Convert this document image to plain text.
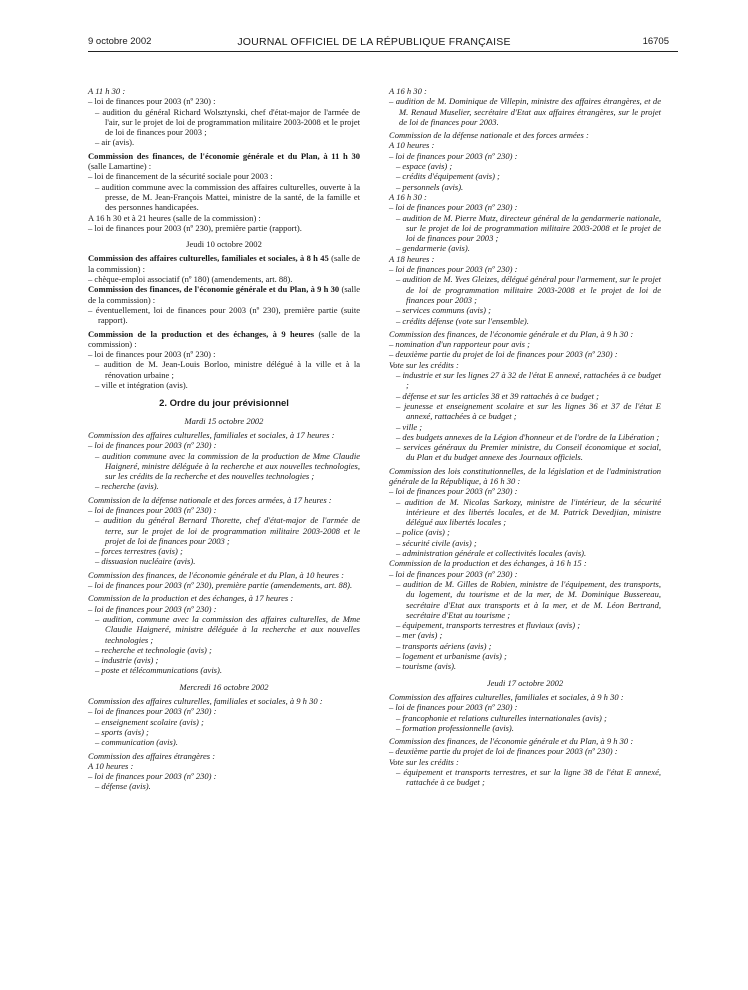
9 octobre 2002	JOURNAL OFFICIEL DE LA RÉPUBLIQUE FRANÇAISE	16705

A 11 h 30 :

– loi de finances pour 2003 (nº 230) :

– audition du général Richard Wolsztynski, chef d'état-major de l'armée de l'air, sur le projet de loi de programmation militaire 2003-2008 et le projet de loi de finances pour 2003 ;

– air (avis).

Commission des finances, de l'économie générale et du Plan, à 11 h 30 (salle Lamartine) :

– loi de financement de la sécurité sociale pour 2003 :

– audition commune avec la commission des affaires culturelles, ouverte à la presse, de M. Jean-François Mattei, ministre de la santé, de la famille et des personnes handicapées.

A 16 h 30 et à 21 heures (salle de la commission) :

– loi de finances pour 2003 (nº 230), première partie (rapport).

Jeudi 10 octobre 2002

Commission des affaires culturelles, familiales et sociales, à 8 h 45 (salle de la commission) :

– chèque-emploi associatif (nº 180) (amendements, art. 88).

Commission des finances, de l'économie générale et du Plan, à 9 h 30 (salle de la commission) :

– éventuellement, loi de finances pour 2003 (nº 230), première partie (suite rapport).

Commission de la production et des échanges, à 9 heures (salle de la commission) :

– loi de finances pour 2003 (nº 230) :

– audition de M. Jean-Louis Borloo, ministre délégué à la ville et à la rénovation urbaine ;

– ville et intégration (avis).

2. Ordre du jour prévisionnel

Mardi 15 octobre 2002

Commission des affaires culturelles, familiales et sociales, à 17 heures :

– loi de finances pour 2003 (nº 230) :

– audition commune avec la commission de la production de Mme Claudie Haigneré, ministre déléguée à la recherche et aux nouvelles technologies, sur les crédits de la recherche et des nouvelles technologies ;

– recherche (avis).

Commission de la défense nationale et des forces armées, à 17 heures :

– loi de finances pour 2003 (nº 230) :

– audition du général Bernard Thorette, chef d'état-major de l'armée de terre, sur le projet de loi de programmation militaire 2003-2008 et le projet de loi de finances pour 2003 ;

– forces terrestres (avis) ;

– dissuasion nucléaire (avis).

Commission des finances, de l'économie générale et du Plan, à 10 heures :

– loi de finances pour 2003 (nº 230), première partie (amendements, art. 88).

Commission de la production et des échanges, à 17 heures :

– loi de finances pour 2003 (nº 230) :

– audition, commune avec la commission des affaires culturelles, de Mme Claudie Haigneré, ministre déléguée à la recherche et aux nouvelles technologies ;

– recherche et technologie (avis) ;

– industrie (avis) ;

– poste et télécommunications (avis).

Mercredi 16 octobre 2002

Commission des affaires culturelles, familiales et sociales, à 9 h 30 :

– loi de finances pour 2003 (nº 230) :

– enseignement scolaire (avis) ;

– sports (avis) ;

– communication (avis).

Commission des affaires étrangères :

A 10 heures :

– loi de finances pour 2003 (nº 230) :

– défense (avis).

A 16 h 30 :

– audition de M. Dominique de Villepin, ministre des affaires étrangères, et de M. Renaud Muselier, secrétaire d'Etat aux affaires étrangères, sur le projet de loi de finances pour 2003.

Commission de la défense nationale et des forces armées :

A 10 heures :

– loi de finances pour 2003 (nº 230) :

– espace (avis) ;

– crédits d'équipement (avis) ;

– personnels (avis).

A 16 h 30 :

– loi de finances pour 2003 (nº 230) :

– audition de M. Pierre Mutz, directeur général de la gendarmerie nationale, sur le projet de loi de programmation militaire 2003-2008 et le projet de loi de finances pour 2003 ;

– gendarmerie (avis).

A 18 heures :

– loi de finances pour 2003 (nº 230) :

– audition de M. Yves Gleizes, délégué général pour l'armement, sur le projet de loi de programmation militaire 2003-2008 et le projet de loi de finances pour 2003 ;

– services communs (avis) ;

– crédits défense (vote sur l'ensemble).

Commission des finances, de l'économie générale et du Plan, à 9 h 30 :

– nomination d'un rapporteur pour avis ;

– deuxième partie du projet de loi de finances pour 2003 (nº 230) :

Vote sur les crédits :

– industrie et sur les lignes 27 à 32 de l'état E annexé, rattachées à ce budget ;

– défense et sur les articles 38 et 39 rattachés à ce budget ;

– jeunesse et enseignement scolaire et sur les lignes 36 et 37 de l'état E annexé, rattachées à ce budget ;

– ville ;

– des budgets annexes de la Légion d'honneur et de l'ordre de la Libération ;

– services généraux du Premier ministre, du Conseil économique et social, du Plan et du budget annexe des Journaux officiels.

Commission des lois constitutionnelles, de la législation et de l'administration générale de la République, à 16 h 30 :

– loi de finances pour 2003 (nº 230) :

– audition de M. Nicolas Sarkozy, ministre de l'intérieur, de la sécurité intérieure et des libertés locales, et de M. Patrick Devedjian, ministre délégué aux libertés locales ;

– police (avis) ;

– sécurité civile (avis) ;

– administration générale et collectivités locales (avis).

Commission de la production et des échanges, à 16 h 15 :

– loi de finances pour 2003 (nº 230) :

– audition de M. Gilles de Robien, ministre de l'équipement, des transports, du logement, du tourisme et de la mer, de M. Dominique Bussereau, secrétaire d'Etat aux transports et à la mer, et de M. Léon Bertrand, secrétaire d'Etat au tourisme ;

– équipement, transports terrestres et fluviaux (avis) ;

– mer (avis) ;

– transports aériens (avis) ;

– logement et urbanisme (avis) ;

– tourisme (avis).

Jeudi 17 octobre 2002

Commission des affaires culturelles, familiales et sociales, à 9 h 30 :

– loi de finances pour 2003 (nº 230) :

– francophonie et relations culturelles internationales (avis) ;

– formation professionnelle (avis).

Commission des finances, de l'économie générale et du Plan, à 9 h 30 :

– deuxième partie du projet de loi de finances pour 2003 (nº 230) :

Vote sur les crédits :

– équipement et transports terrestres, et sur la ligne 38 de l'état E annexé, rattachée à ce budget ;
